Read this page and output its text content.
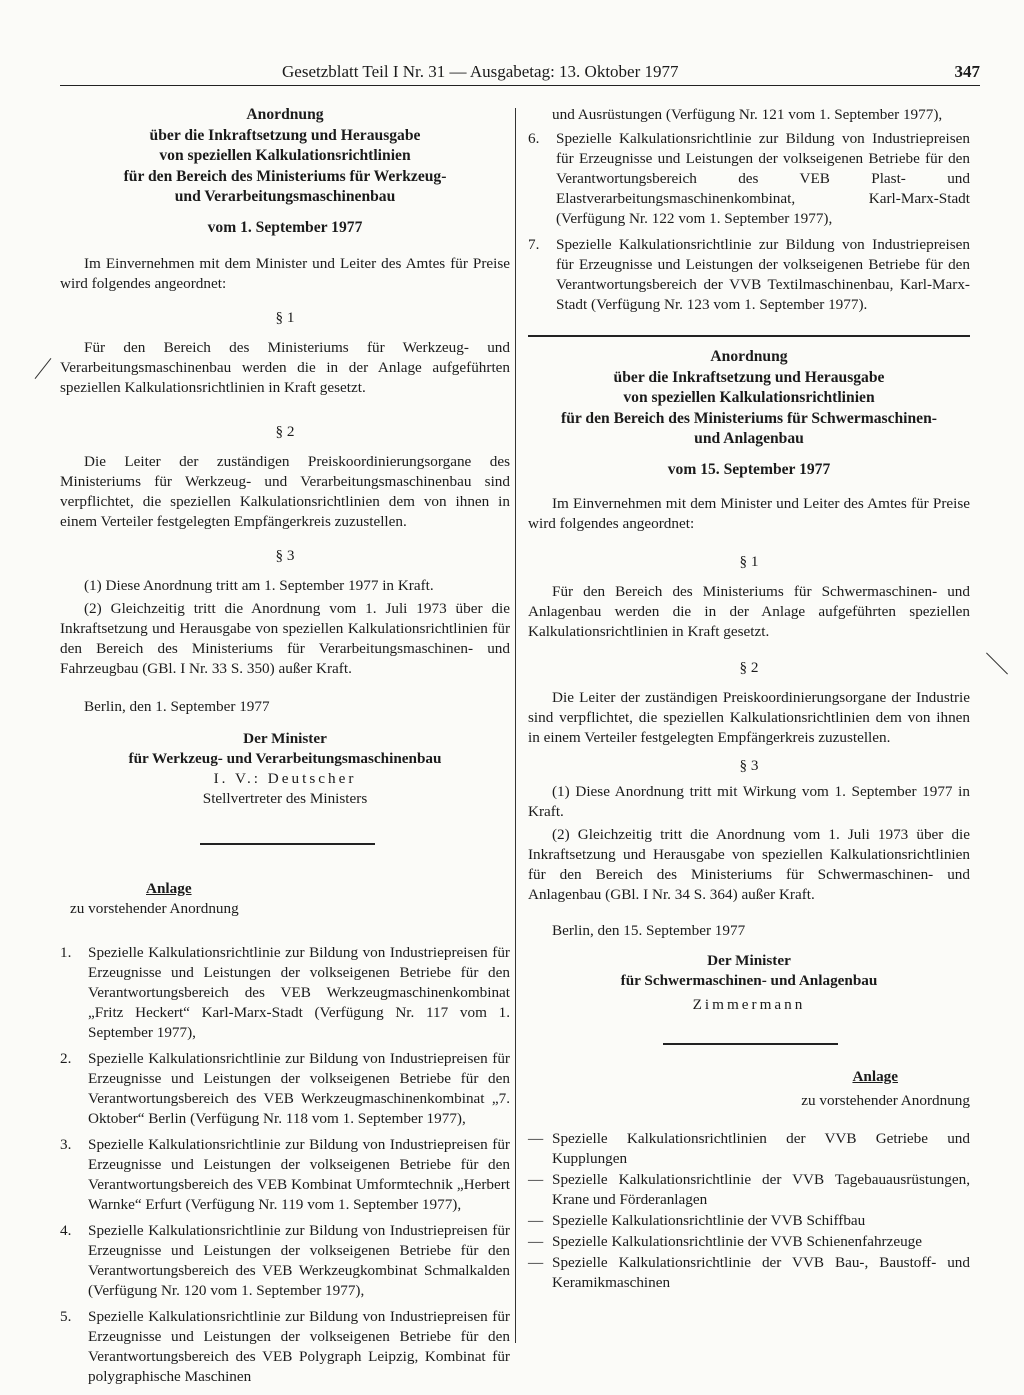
Gesetzblatt Teil I Nr. 31 — Ausgabetag: 13. Oktober 1977	347
Anordnung
über die Inkraftsetzung und Herausgabe
von speziellen Kalkulationsrichtlinien
für den Bereich des Ministeriums für Werkzeug-
und Verarbeitungsmaschinenbau
vom 1. September 1977

Im Einvernehmen mit dem Minister und Leiter des Amtes für Preise wird folgendes angeordnet:

§ 1

Für den Bereich des Ministeriums für Werkzeug- und Verarbeitungsmaschinenbau werden die in der Anlage aufgeführten speziellen Kalkulationsrichtlinien in Kraft gesetzt.

§ 2

Die Leiter der zuständigen Preiskoordinierungsorgane des Ministeriums für Werkzeug- und Verarbeitungsmaschinenbau sind verpflichtet, die speziellen Kalkulationsrichtlinien dem von ihnen in einem Verteiler festgelegten Empfängerkreis zuzustellen.

§ 3

(1) Diese Anordnung tritt am 1. September 1977 in Kraft.

(2) Gleichzeitig tritt die Anordnung vom 1. Juli 1973 über die Inkraftsetzung und Herausgabe von speziellen Kalkulationsrichtlinien für den Bereich des Ministeriums für Verarbeitungsmaschinen- und Fahrzeugbau (GBl. I Nr. 33 S. 350) außer Kraft.

Berlin, den 1. September 1977

Der Minister
für Werkzeug- und Verarbeitungsmaschinenbau
I. V.: Deutscher
Stellvertreter des Ministers
Anlage
zu vorstehender Anordnung
1. Spezielle Kalkulationsrichtlinie zur Bildung von Industriepreisen für Erzeugnisse und Leistungen der volkseigenen Betriebe für den Verantwortungsbereich des VEB Werkzeugmaschinenkombinat „Fritz Heckert“ Karl-Marx-Stadt (Verfügung Nr. 117 vom 1. September 1977),
2. Spezielle Kalkulationsrichtlinie zur Bildung von Industriepreisen für Erzeugnisse und Leistungen der volkseigenen Betriebe für den Verantwortungsbereich des VEB Werkzeugmaschinenkombinat „7. Oktober“ Berlin (Verfügung Nr. 118 vom 1. September 1977),
3. Spezielle Kalkulationsrichtlinie zur Bildung von Industriepreisen für Erzeugnisse und Leistungen der volkseigenen Betriebe für den Verantwortungsbereich des VEB Kombinat Umformtechnik „Herbert Warnke“ Erfurt (Verfügung Nr. 119 vom 1. September 1977),
4. Spezielle Kalkulationsrichtlinie zur Bildung von Industriepreisen für Erzeugnisse und Leistungen der volkseigenen Betriebe für den Verantwortungsbereich des VEB Werkzeugkombinat Schmalkalden (Verfügung Nr. 120 vom 1. September 1977),
5. Spezielle Kalkulationsrichtlinie zur Bildung von Industriepreisen für Erzeugnisse und Leistungen der volkseigenen Betriebe für den Verantwortungsbereich des VEB Polygraph Leipzig, Kombinat für polygraphische Maschinen

und Ausrüstungen (Verfügung Nr. 121 vom 1. September 1977),

6. Spezielle Kalkulationsrichtlinie zur Bildung von Industriepreisen für Erzeugnisse und Leistungen der volkseigenen Betriebe für den Verantwortungsbereich des VEB Plast- und Elastverarbeitungsmaschinenkombinat, Karl-Marx-Stadt (Verfügung Nr. 122 vom 1. September 1977),
7. Spezielle Kalkulationsrichtlinie zur Bildung von Industriepreisen für Erzeugnisse und Leistungen der volkseigenen Betriebe für den Verantwortungsbereich der VVB Textilmaschinenbau, Karl-Marx-Stadt (Verfügung Nr. 123 vom 1. September 1977).
Anordnung
über die Inkraftsetzung und Herausgabe
von speziellen Kalkulationsrichtlinien
für den Bereich des Ministeriums für Schwermaschinen-
und Anlagenbau
vom 15. September 1977

Im Einvernehmen mit dem Minister und Leiter des Amtes für Preise wird folgendes angeordnet:

§ 1

Für den Bereich des Ministeriums für Schwermaschinen- und Anlagenbau werden die in der Anlage aufgeführten speziellen Kalkulationsrichtlinien in Kraft gesetzt.

§ 2

Die Leiter der zuständigen Preiskoordinierungsorgane der Industrie sind verpflichtet, die speziellen Kalkulationsrichtlinien dem von ihnen in einem Verteiler festgelegten Empfängerkreis zuzustellen.

§ 3

(1) Diese Anordnung tritt mit Wirkung vom 1. September 1977 in Kraft.

(2) Gleichzeitig tritt die Anordnung vom 1. Juli 1973 über die Inkraftsetzung und Herausgabe von speziellen Kalkulationsrichtlinien für den Bereich des Ministeriums für Schwermaschinen- und Anlagenbau (GBl. I Nr. 34 S. 364) außer Kraft.

Berlin, den 15. September 1977

Der Minister
für Schwermaschinen- und Anlagenbau
Zimmermann
Anlage
zu vorstehender Anordnung
— Spezielle Kalkulationsrichtlinien der VVB Getriebe und Kupplungen
— Spezielle Kalkulationsrichtlinie der VVB Tagebauausrüstungen, Krane und Förderanlagen
— Spezielle Kalkulationsrichtlinie der VVB Schiffbau
— Spezielle Kalkulationsrichtlinie der VVB Schienenfahrzeuge
— Spezielle Kalkulationsrichtlinie der VVB Bau-, Baustoff- und Keramikmaschinen
